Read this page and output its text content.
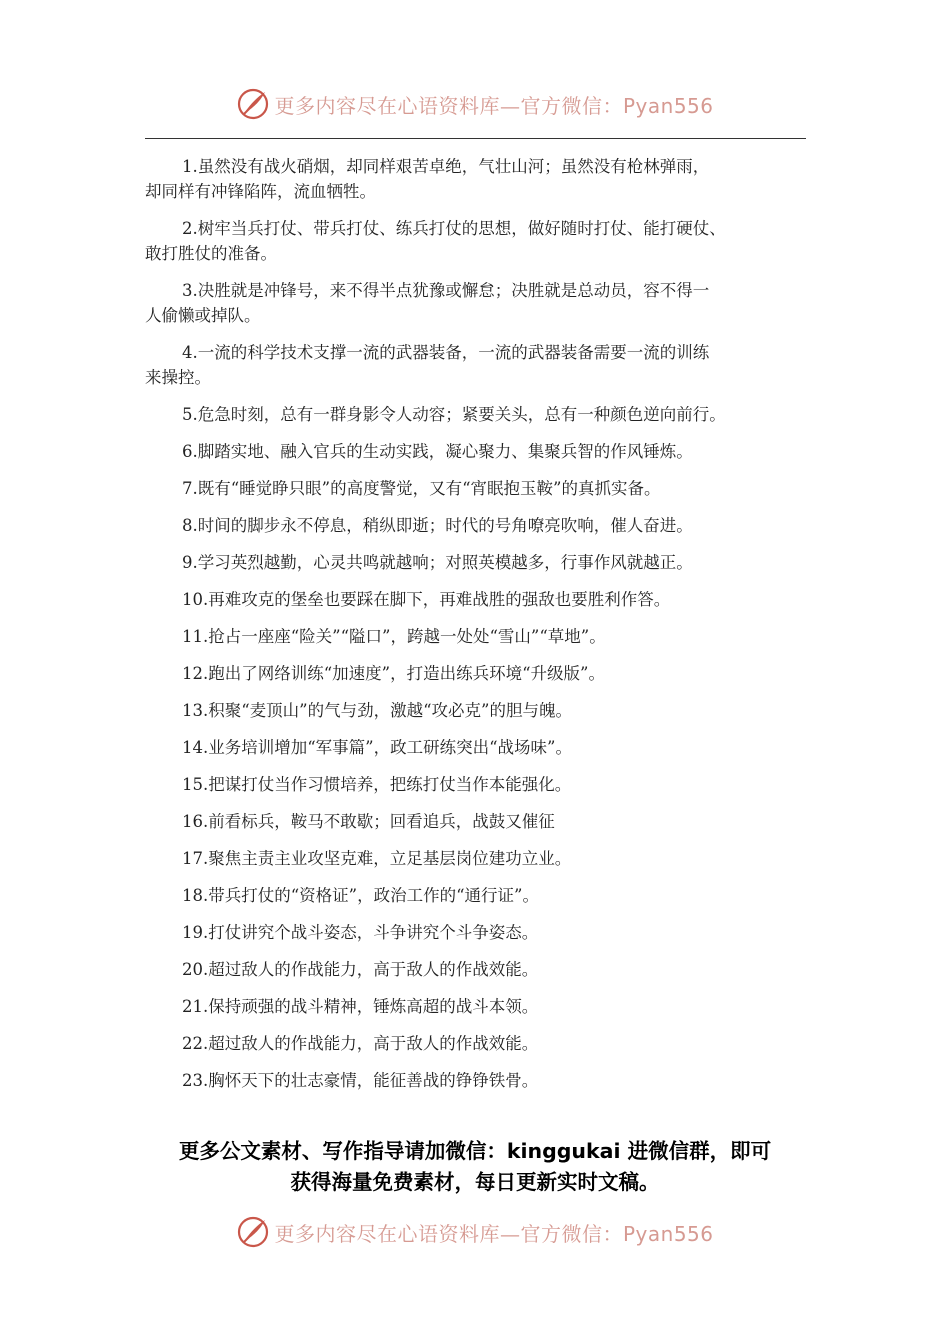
更多内容尽在心语资料库—官方微信：Pyan556
1.虽然没有战火硝烟，却同样艰苦卓绝，气壮山河；虽然没有枪林弹雨，
却同样有冲锋陷阵，流血牺牲。
2.树牢当兵打仗、带兵打仗、练兵打仗的思想，做好随时打仗、能打硬仗、
敢打胜仗的准备。
3.决胜就是冲锋号，来不得半点犹豫或懈怠；决胜就是总动员，容不得一
人偷懒或掉队。
4.一流的科学技术支撑一流的武器装备，一流的武器装备需要一流的训练
来操控。
5.危急时刻，总有一群身影令人动容；紧要关头，总有一种颜色逆向前行。
6.脚踏实地、融入官兵的生动实践，凝心聚力、集聚兵智的作风锤炼。
7.既有“睡觉睁只眼”的高度警觉，又有“宵眠抱玉鞍”的真抓实备。
8.时间的脚步永不停息，稍纵即逝；时代的号角嘹亮吹响，催人奋进。
9.学习英烈越勤，心灵共鸣就越响；对照英模越多，行事作风就越正。
10.再难攻克的堡垒也要踩在脚下，再难战胜的强敌也要胜利作答。
11.抢占一座座“险关”“隘口”，跨越一处处“雪山”“草地”。
12.跑出了网络训练“加速度”，打造出练兵环境“升级版”。
13.积聚“麦顶山”的气与劲，激越“攻必克”的胆与魄。
14.业务培训增加“军事篇”，政工研练突出“战场味”。
15.把谋打仗当作习惯培养，把练打仗当作本能强化。
16.前看标兵，鞍马不敢歇；回看追兵，战鼓又催征
17.聚焦主责主业攻坚克难，立足基层岗位建功立业。
18.带兵打仗的“资格证”，政治工作的“通行证”。
19.打仗讲究个战斗姿态，斗争讲究个斗争姿态。
20.超过敌人的作战能力，高于敌人的作战效能。
21.保持顽强的战斗精神，锤炼高超的战斗本领。
22.超过敌人的作战能力，高于敌人的作战效能。
23.胸怀天下的壮志豪情，能征善战的铮铮铁骨。
更多公文素材、写作指导请加微信：kinggukai 进微信群，即可
获得海量免费素材，每日更新实时文稿。
更多内容尽在心语资料库—官方微信：Pyan556
